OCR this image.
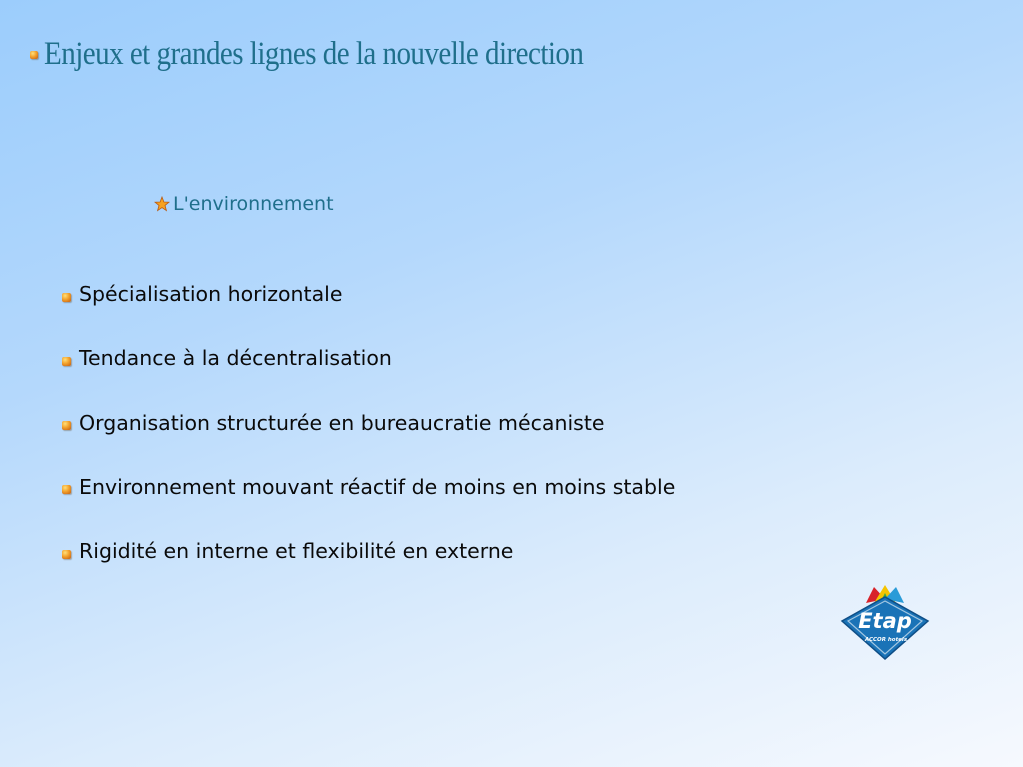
Enjeux et grandes lignes de la nouvelle direction
L'environnement
Spécialisation horizontale
Tendance à la décentralisation
Organisation structurée en bureaucratie mécaniste
Environnement mouvant réactif de moins en moins stable
Rigidité en interne et flexibilité en externe
Etap
ACCOR hotels
